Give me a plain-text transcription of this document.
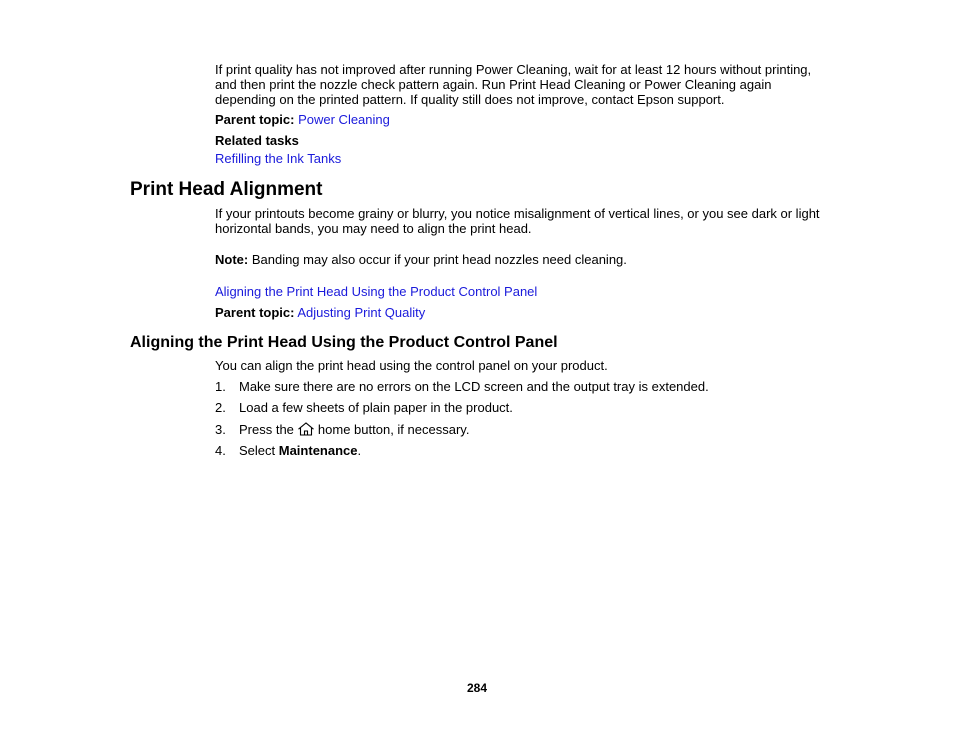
If print quality has not improved after running Power Cleaning, wait for at least 12 hours without printing, and then print the nozzle check pattern again. Run Print Head Cleaning or Power Cleaning again depending on the printed pattern. If quality still does not improve, contact Epson support.
Parent topic: Power Cleaning
Related tasks
Refilling the Ink Tanks
Print Head Alignment
If your printouts become grainy or blurry, you notice misalignment of vertical lines, or you see dark or light horizontal bands, you may need to align the print head.
Note: Banding may also occur if your print head nozzles need cleaning.
Aligning the Print Head Using the Product Control Panel
Parent topic: Adjusting Print Quality
Aligning the Print Head Using the Product Control Panel
You can align the print head using the control panel on your product.
1. Make sure there are no errors on the LCD screen and the output tray is extended.
2. Load a few sheets of plain paper in the product.
3. Press the home button, if necessary.
4. Select Maintenance.
284
